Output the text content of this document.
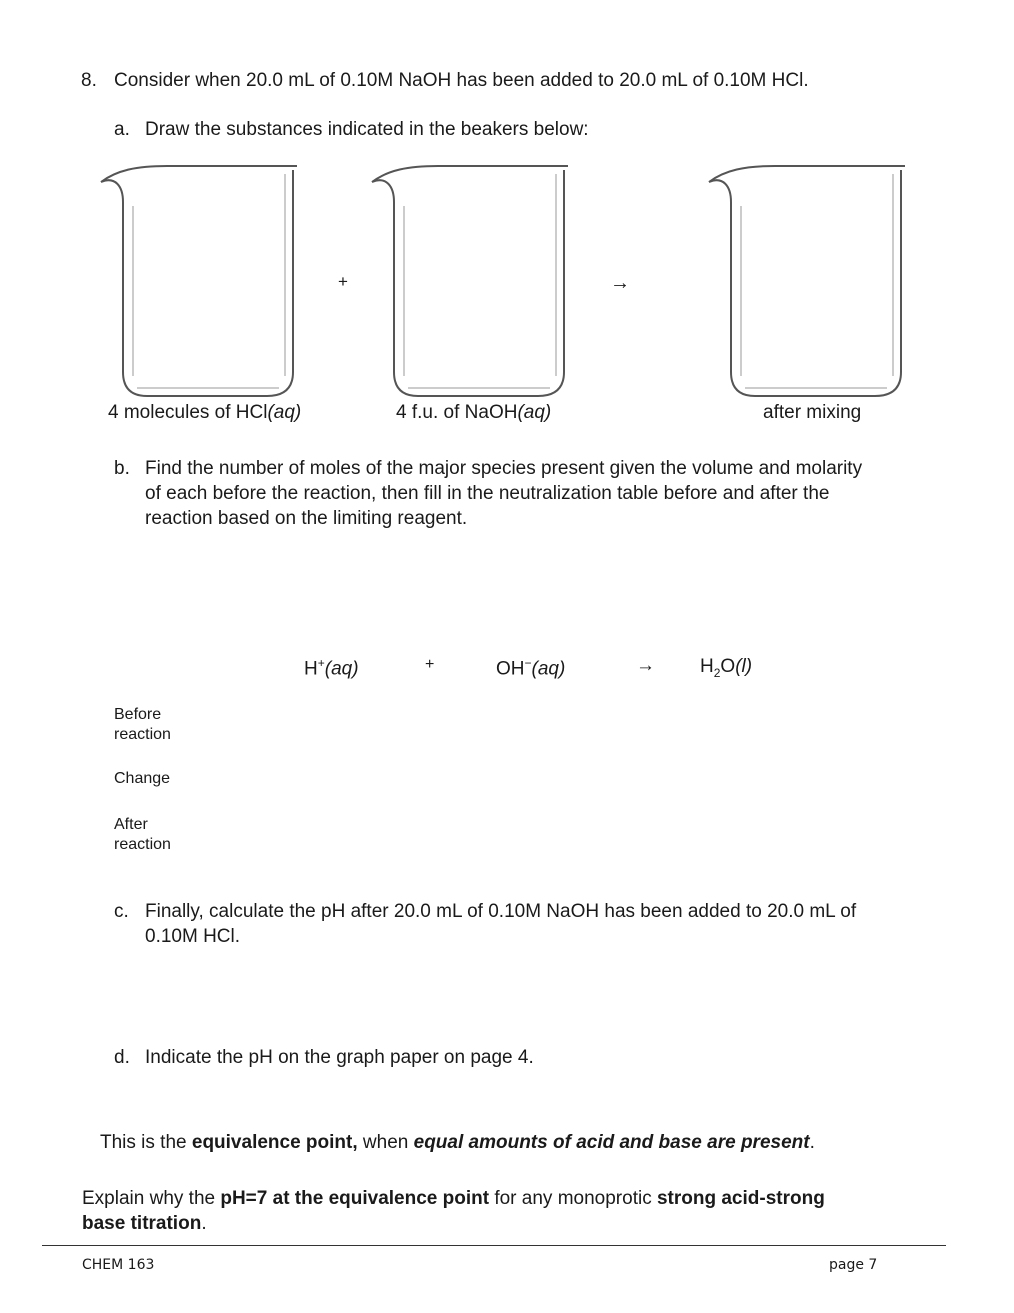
8. Consider when 20.0 mL of 0.10M NaOH has been added to 20.0 mL of 0.10M HCl.
a. Draw the substances indicated in the beakers below:
4 molecules of HCl(aq)
+
4 f.u. of NaOH(aq)
→
after mixing
b. Find the number of moles of the major species present given the volume and molarity
of each before the reaction, then fill in the neutralization table before and after the
reaction based on the limiting reagent.
H+(aq)	+	OH−(aq)	→ $H_2O(l)$
Before
reaction
Change
After
reaction
c. Finally, calculate the pH after 20.0 mL of 0.10M NaOH has been added to 20.0 mL of
0.10M HCl.
d. Indicate the pH on the graph paper on page 4.
This is the equivalence point, when equal amounts of acid and base are present.
Explain why the pH=7 at the equivalence point for any monoprotic strong acid-strong
base titration.
CHEM 163	page 7
